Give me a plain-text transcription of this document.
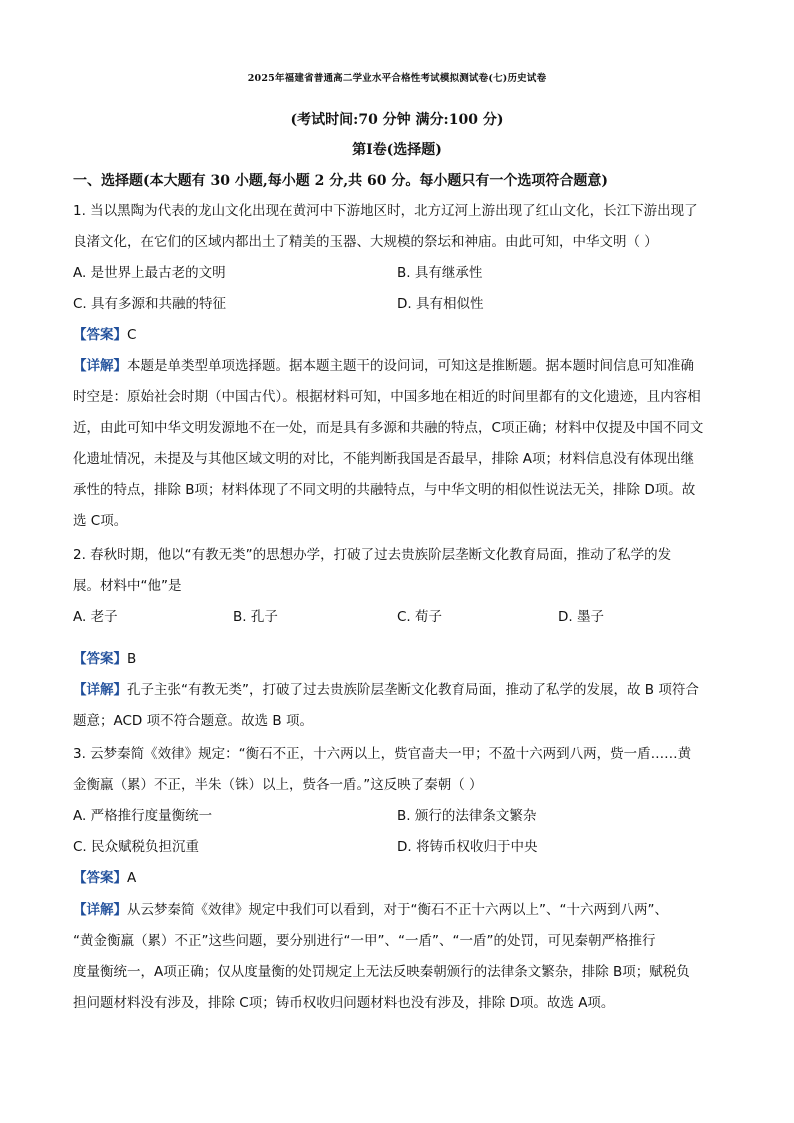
2025年福建省普通高二学业水平合格性考试模拟测试卷(七)历史试卷
(考试时间:70 分钟 满分:100 分)
第Ⅰ卷(选择题)
一、选择题(本大题有 30 小题,每小题 2 分,共 60 分。每小题只有一个选项符合题意)
1. 当以黑陶为代表的龙山文化出现在黄河中下游地区时，北方辽河上游出现了红山文化，长江下游出现了
良渚文化，在它们的区域内都出土了精美的玉器、大规模的祭坛和神庙。由此可知，中华文明（ ）
A. 是世界上最古老的文明	B. 具有继承性
C. 具有多源和共融的特征	D. 具有相似性
【答案】C
【详解】本题是单类型单项选择题。据本题主题干的设问词，可知这是推断题。据本题时间信息可知准确
时空是：原始社会时期（中国古代）。根据材料可知，中国多地在相近的时间里都有的文化遗迹，且内容相
近，由此可知中华文明发源地不在一处，而是具有多源和共融的特点，C项正确；材料中仅提及中国不同文
化遗址情况，未提及与其他区域文明的对比，不能判断我国是否最早，排除 A项；材料信息没有体现出继
承性的特点，排除 B项；材料体现了不同文明的共融特点，与中华文明的相似性说法无关，排除 D项。故
选 C项。
2. 春秋时期，他以“有教无类”的思想办学，打破了过去贵族阶层垄断文化教育局面，推动了私学的发
展。材料中“他”是
A. 老子	B. 孔子	C. 荀子	D. 墨子
【答案】B
【详解】孔子主张“有教无类”，打破了过去贵族阶层垄断文化教育局面，推动了私学的发展，故 B 项符合
题意；ACD 项不符合题意。故选 B 项。
3. 云梦秦简《效律》规定：“衡石不正，十六两以上，赀官啬夫一甲；不盈十六两到八两，赀一盾……黄
金衡羸（累）不正，半朱（铢）以上，赀各一盾。”这反映了秦朝（ ）
A. 严格推行度量衡统一	B. 颁行的法律条文繁杂
C. 民众赋税负担沉重	D. 将铸币权收归于中央
【答案】A
【详解】从云梦秦简《效律》规定中我们可以看到，对于“衡石不正十六两以上”、“十六两到八两”、
“黄金衡羸（累）不正”这些问题，要分别进行“一甲”、“一盾”、“一盾”的处罚，可见秦朝严格推行
度量衡统一，A项正确；仅从度量衡的处罚规定上无法反映秦朝颁行的法律条文繁杂，排除 B项；赋税负
担问题材料没有涉及，排除 C项；铸币权收归问题材料也没有涉及，排除 D项。故选 A项。
